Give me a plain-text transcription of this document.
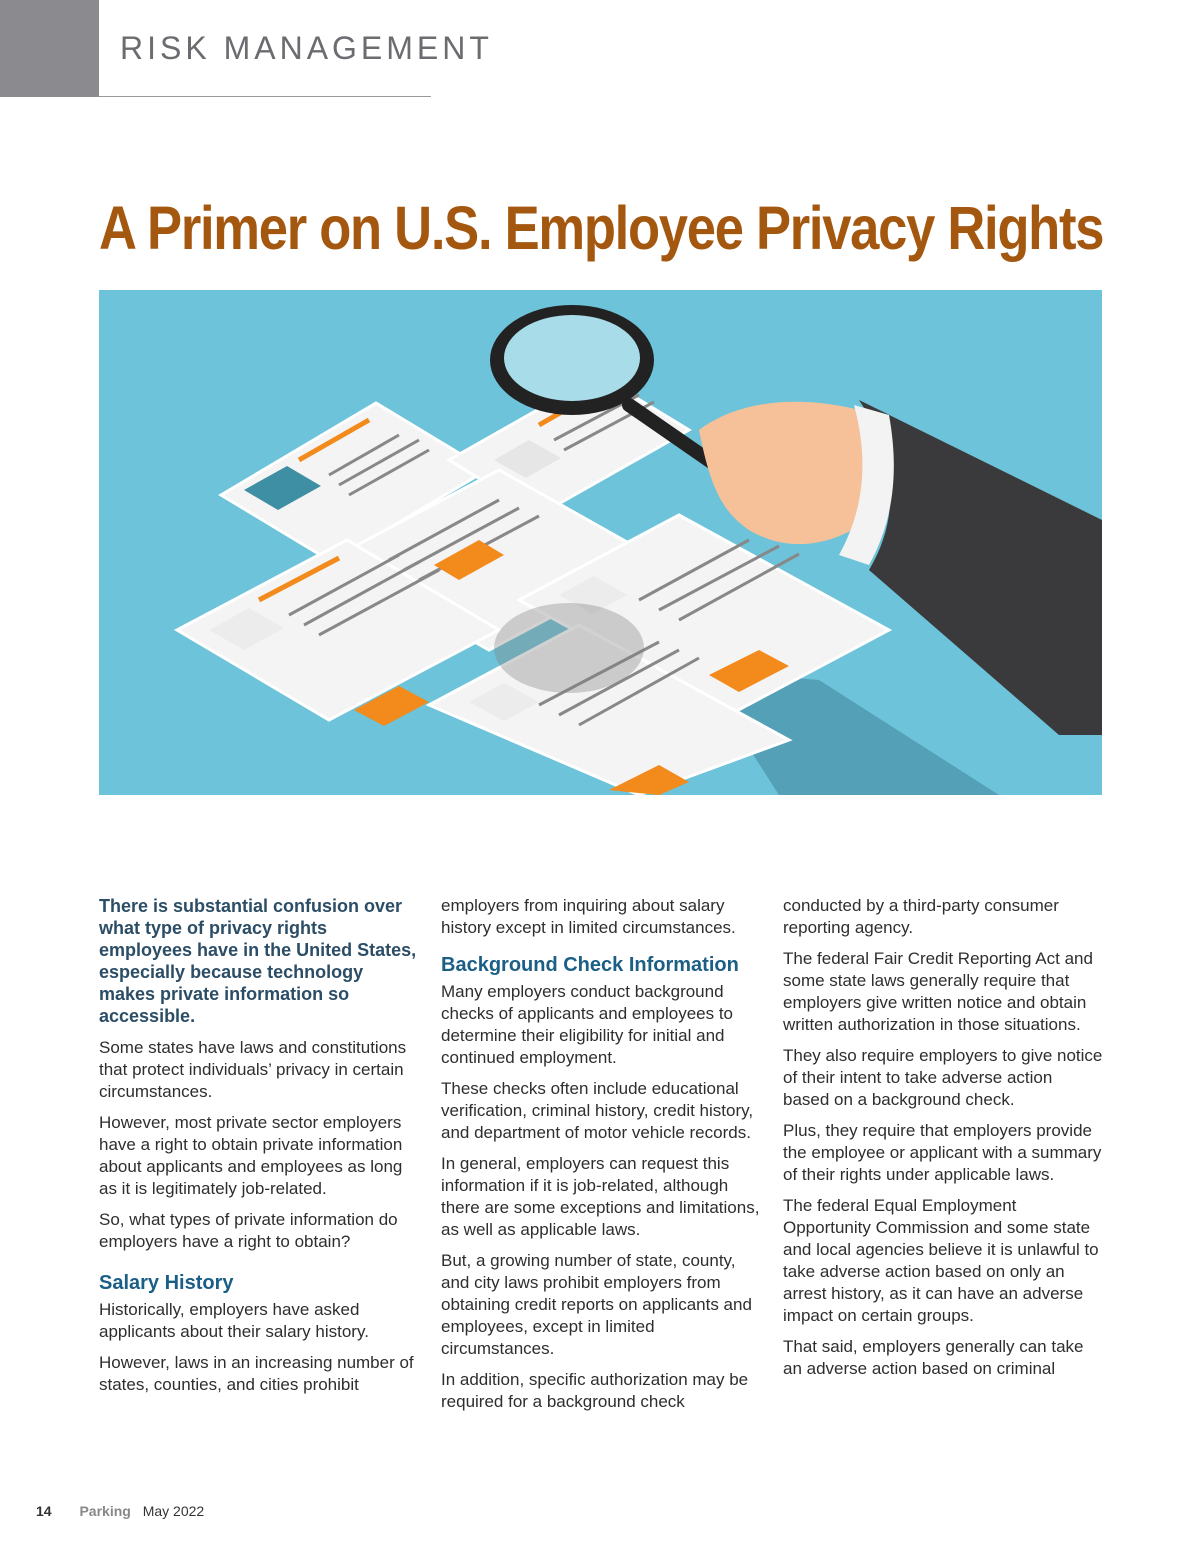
RISK MANAGEMENT
A Primer on U.S. Employee Privacy Rights

There is substantial confusion over what type of privacy rights employees have in the United States, especially because technology makes private information so accessible.

Some states have laws and constitutions that protect individuals’ privacy in certain circumstances.

However, most private sector employers have a right to obtain private information about applicants and employees as long as it is legitimately job-related.

So, what types of private information do employers have a right to obtain?

Salary History

Historically, employers have asked applicants about their salary history.

However, laws in an increasing number of states, counties, and cities prohibit

employers from inquiring about salary history except in limited circumstances.

Background Check Information

Many employers conduct background checks of applicants and employees to determine their eligibility for initial and continued employment.

These checks often include educational verification, criminal history, credit history, and department of motor vehicle records.

In general, employers can request this information if it is job-related, although there are some exceptions and limitations, as well as applicable laws.

But, a growing number of state, county, and city laws prohibit employers from obtaining credit reports on applicants and employees, except in limited circumstances.

In addition, specific authorization may be required for a background check

conducted by a third-party consumer reporting agency.

The federal Fair Credit Reporting Act and some state laws generally require that employers give written notice and obtain written authorization in those situations.

They also require employers to give notice of their intent to take adverse action based on a background check.

Plus, they require that employers provide the employee or applicant with a summary of their rights under applicable laws.

The federal Equal Employment Opportunity Commission and some state and local agencies believe it is unlawful to take adverse action based on only an arrest history, as it can have an adverse impact on certain groups.

That said, employers generally can take an adverse action based on criminal

14 Parking May 2022
